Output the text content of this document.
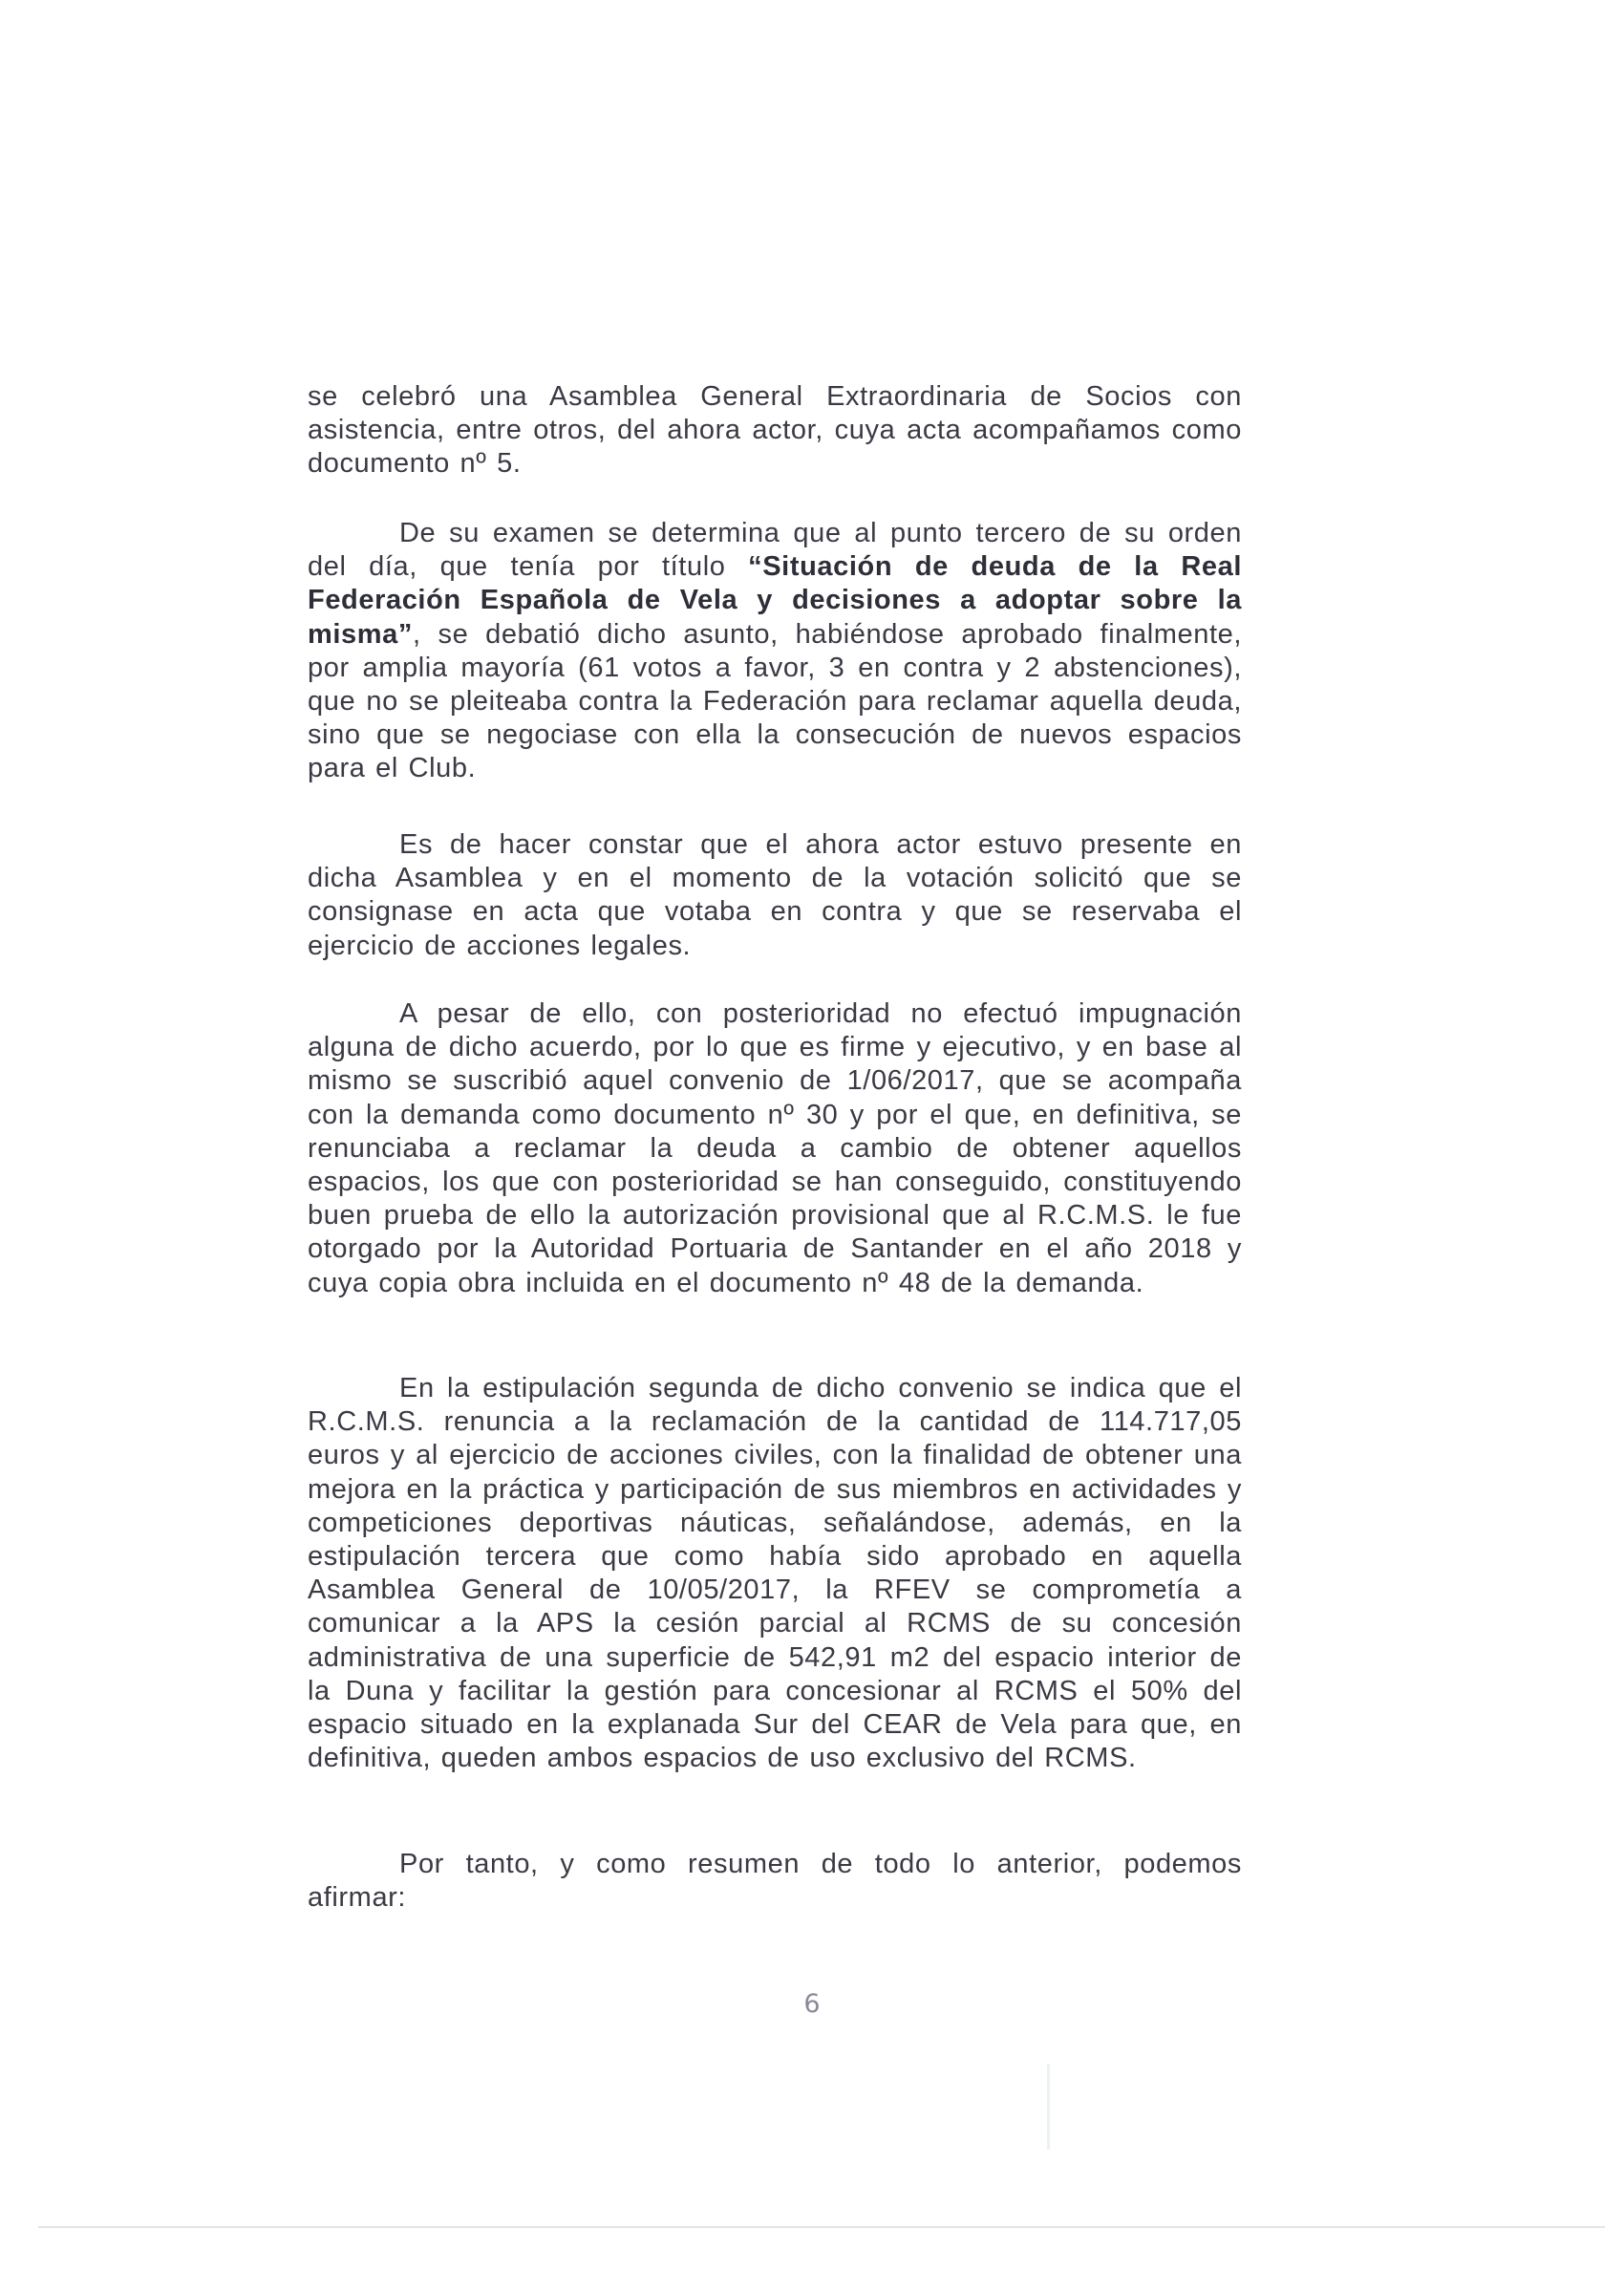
se celebró una Asamblea General Extraordinaria de Socios con asistencia, entre otros, del ahora actor, cuya acta acompañamos como documento nº 5.

De su examen se determina que al punto tercero de su orden del día, que tenía por título “Situación de deuda de la Real Federación Española de Vela y decisiones a adoptar sobre la misma”, se debatió dicho asunto, habiéndose aprobado finalmente, por amplia mayoría (61 votos a favor, 3 en contra y 2 abstenciones), que no se pleiteaba contra la Federación para reclamar aquella deuda, sino que se negociase con ella la consecución de nuevos espacios para el Club.

Es de hacer constar que el ahora actor estuvo presente en dicha Asamblea y en el momento de la votación solicitó que se consignase en acta que votaba en contra y que se reservaba el ejercicio de acciones legales.

A pesar de ello, con posterioridad no efectuó impugnación alguna de dicho acuerdo, por lo que es firme y ejecutivo, y en base al mismo se suscribió aquel convenio de 1/06/2017, que se acompaña con la demanda como documento nº 30 y por el que, en definitiva, se renunciaba a reclamar la deuda a cambio de obtener aquellos espacios, los que con posterioridad se han conseguido, constituyendo buen prueba de ello la autorización provisional que al R.C.M.S. le fue otorgado por la Autoridad Portuaria de Santander en el año 2018 y cuya copia obra incluida en el documento nº 48 de la demanda.

En la estipulación segunda de dicho convenio se indica que el R.C.M.S. renuncia a la reclamación de la cantidad de 114.717,05 euros y al ejercicio de acciones civiles, con la finalidad de obtener una mejora en la práctica y participación de sus miembros en actividades y competiciones deportivas náuticas, señalándose, además, en la estipulación tercera que como había sido aprobado en aquella Asamblea General de 10/05/2017, la RFEV se comprometía a comunicar a la APS la cesión parcial al RCMS de su concesión administrativa de una superficie de 542,91 m2 del espacio interior de la Duna y facilitar la gestión para concesionar al RCMS el 50% del espacio situado en la explanada Sur del CEAR de Vela para que, en definitiva, queden ambos espacios de uso exclusivo del RCMS.

Por tanto, y como resumen de todo lo anterior, podemos afirmar:

6
